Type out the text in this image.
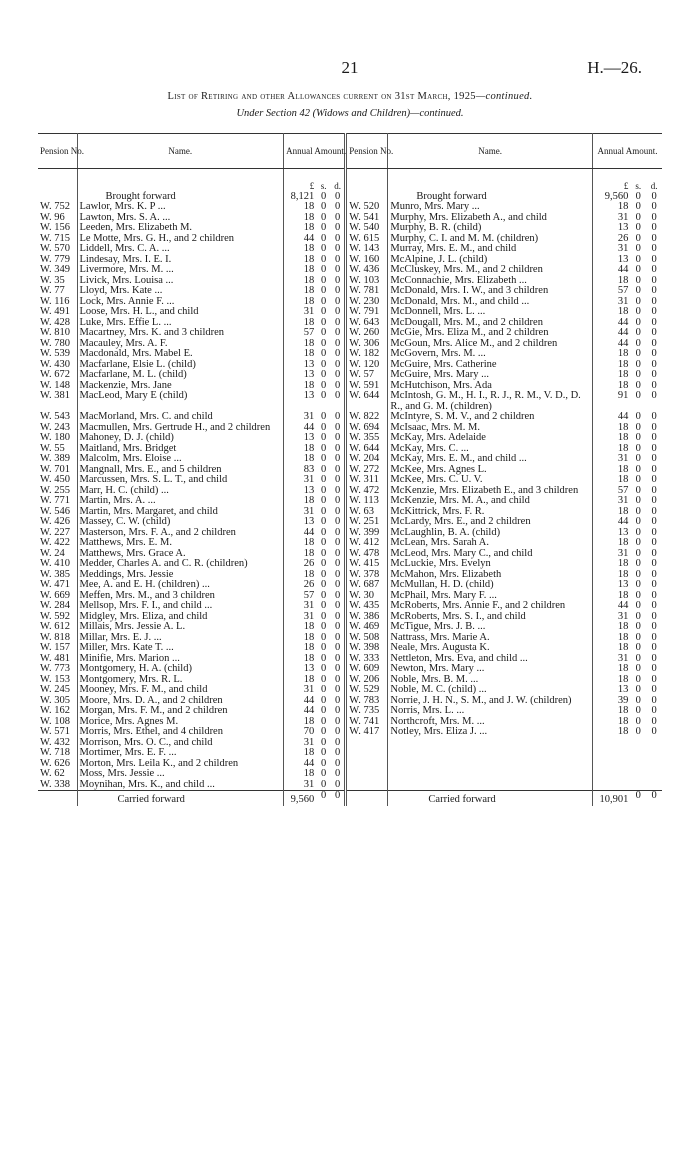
21	H.—26.
List of Retiring and other Allowances current on 31st March, 1925—continued.
Under Section 42 (Widows and Children)—continued.
Pension No.	Name.	Annual Amount.			Pension No.	Name.	Annual Amount.		

		£	s.	d.			£	s.	d.
	Brought forward	8,121	0	0		Brought forward	9,560	0	0
W. 752	Lawlor, Mrs. K. P ...	18	0	0	W. 520	Munro, Mrs. Mary ...	18	0	0
W. 96	Lawton, Mrs. S. A. ...	18	0	0	W. 541	Murphy, Mrs. Elizabeth A., and child	31	0	0
W. 156	Leeden, Mrs. Elizabeth M.	18	0	0	W. 540	Murphy, B. R. (child)	13	0	0
W. 715	Le Motte, Mrs. G. H., and 2 children	44	0	0	W. 615	Murphy, C. I. and M. M. (children)	26	0	0
W. 570	Liddell, Mrs. C. A. ...	18	0	0	W. 143	Murray, Mrs. E. M., and child	31	0	0
W. 779	Lindesay, Mrs. I. E. I.	18	0	0	W. 160	McAlpine, J. L. (child)	13	0	0
W. 349	Livermore, Mrs. M. ...	18	0	0	W. 436	McCluskey, Mrs. M., and 2 children	44	0	0
W. 35	Livick, Mrs. Louisa ...	18	0	0	W. 103	McConnachie, Mrs. Elizabeth ...	18	0	0
W. 77	Lloyd, Mrs. Kate ...	18	0	0	W. 781	McDonald, Mrs. I. W., and 3 children	57	0	0
W. 116	Lock, Mrs. Annie F. ...	18	0	0	W. 230	McDonald, Mrs. M., and child ...	31	0	0
W. 491	Loose, Mrs. H. L., and child	31	0	0	W. 791	McDonnell, Mrs. L. ...	18	0	0
W. 428	Luke, Mrs. Effie L. ...	18	0	0	W. 643	McDougall, Mrs. M., and 2 children	44	0	0
W. 810	Macartney, Mrs. K. and 3 children	57	0	0	W. 260	McGie, Mrs. Eliza M., and 2 children	44	0	0
W. 780	Macauley, Mrs. A. F.	18	0	0	W. 306	McGoun, Mrs. Alice M., and 2 children	44	0	0
W. 539	Macdonald, Mrs. Mabel E.	18	0	0	W. 182	McGovern, Mrs. M. ...	18	0	0
W. 430	Macfarlane, Elsie L. (child)	13	0	0	W. 120	McGuire, Mrs. Catherine	18	0	0
W. 672	Macfarlane, M. L. (child)	13	0	0	W. 57	McGuire, Mrs. Mary ...	18	0	0
W. 148	Mackenzie, Mrs. Jane	18	0	0	W. 591	McHutchison, Mrs. Ada	18	0	0
W. 381	MacLeod, Mary E (child)	13	0	0	W. 644	McIntosh, G. M., H. I., R. J., R. M., V. D., D. R., and G. M. (children)	91	0	0
W. 543	MacMorland, Mrs. C. and child	31	0	0	W. 822	McIntyre, S. M. V., and 2 children	44	0	0
W. 243	Macmullen, Mrs. Gertrude H., and 2 children	44	0	0	W. 694	McIsaac, Mrs. M. M.	18	0	0
W. 180	Mahoney, D. J. (child)	13	0	0	W. 355	McKay, Mrs. Adelaide	18	0	0
W. 55	Maitland, Mrs. Bridget	18	0	0	W. 644	McKay, Mrs. C. ...	18	0	0
W. 389	Malcolm, Mrs. Eloise ...	18	0	0	W. 204	McKay, Mrs. E. M., and child ...	31	0	0
W. 701	Mangnall, Mrs. E., and 5 children	83	0	0	W. 272	McKee, Mrs. Agnes L.	18	0	0
W. 450	Marcussen, Mrs. S. L. T., and child	31	0	0	W. 311	McKee, Mrs. C. U. V.	18	0	0
W. 255	Marr, H. C. (child) ...	13	0	0	W. 472	McKenzie, Mrs. Elizabeth E., and 3 children	57	0	0
W. 771	Martin, Mrs. A. ...	18	0	0	W. 113	McKenzie, Mrs. M. A., and child	31	0	0
W. 546	Martin, Mrs. Margaret, and child	31	0	0	W. 63	McKittrick, Mrs. F. R.	18	0	0
W. 426	Massey, C. W. (child)	13	0	0	W. 251	McLardy, Mrs. E., and 2 children	44	0	0
W. 227	Masterson, Mrs. F. A., and 2 children	44	0	0	W. 399	McLaughlin, B. A. (child)	13	0	0
W. 422	Matthews, Mrs. E. M.	18	0	0	W. 412	McLean, Mrs. Sarah A.	18	0	0
W. 24	Matthews, Mrs. Grace A.	18	0	0	W. 478	McLeod, Mrs. Mary C., and child	31	0	0
W. 410	Medder, Charles A. and C. R. (children)	26	0	0	W. 415	McLuckie, Mrs. Evelyn	18	0	0
W. 385	Meddings, Mrs. Jessie	18	0	0	W. 378	McMahon, Mrs. Elizabeth	18	0	0
W. 471	Mee, A. and E. H. (children) ...	26	0	0	W. 687	McMullan, H. D. (child)	13	0	0
W. 669	Meffen, Mrs. M., and 3 children	57	0	0	W. 30	McPhail, Mrs. Mary F. ...	18	0	0
W. 284	Mellsop, Mrs. F. I., and child ...	31	0	0	W. 435	McRoberts, Mrs. Annie F., and 2 children	44	0	0
W. 592	Midgley, Mrs. Eliza, and child	31	0	0	W. 386	McRoberts, Mrs. S. I., and child	31	0	0
W. 612	Millais, Mrs. Jessie A. L.	18	0	0	W. 469	McTigue, Mrs. J. B. ...	18	0	0
W. 818	Millar, Mrs. E. J. ...	18	0	0	W. 508	Nattrass, Mrs. Marie A.	18	0	0
W. 157	Miller, Mrs. Kate T. ...	18	0	0	W. 398	Neale, Mrs. Augusta K.	18	0	0
W. 481	Minifie, Mrs. Marion ...	18	0	0	W. 333	Nettleton, Mrs. Eva, and child ...	31	0	0
W. 773	Montgomery, H. A. (child)	13	0	0	W. 609	Newton, Mrs. Mary ...	18	0	0
W. 153	Montgomery, Mrs. R. L.	18	0	0	W. 206	Noble, Mrs. B. M. ...	18	0	0
W. 245	Mooney, Mrs. F. M., and child	31	0	0	W. 529	Noble, M. C. (child) ...	13	0	0
W. 305	Moore, Mrs. D. A., and 2 children	44	0	0	W. 783	Norrie, J. H. N., S. M., and J. W. (children)	39	0	0
W. 162	Morgan, Mrs. F. M., and 2 children	44	0	0	W. 735	Norris, Mrs. L. ...	18	0	0
W. 108	Morice, Mrs. Agnes M.	18	0	0	W. 741	Northcroft, Mrs. M. ...	18	0	0
W. 571	Morris, Mrs. Ethel, and 4 children	70	0	0	W. 417	Notley, Mrs. Eliza J. ...	18	0	0
W. 432	Morrison, Mrs. O. C., and child	31	0	0					
W. 718	Mortimer, Mrs. E. F. ...	18	0	0					
W. 626	Morton, Mrs. Leila K., and 2 children	44	0	0					
W. 62	Moss, Mrs. Jessie ...	18	0	0					
W. 338	Moynihan, Mrs. K., and child ...	31	0	0					
	Carried forward	9,560	0	0		Carried forward	10,901	0	0
